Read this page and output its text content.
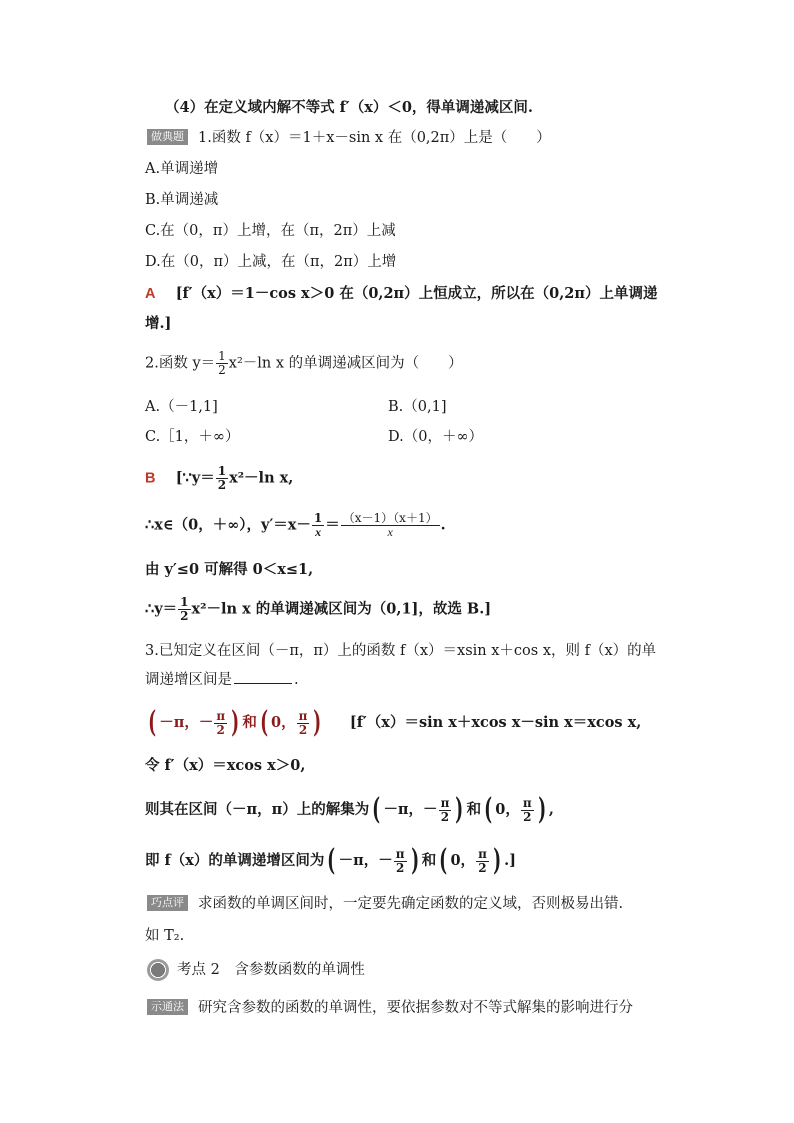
（4）在定义域内解不等式 f′（x）＜0，得单调递减区间.
做典题 1.函数 f（x）＝1＋x－sin x 在（0,2π）上是（　　）
A.单调递增
B.单调递减
C.在（0，π）上增，在（π，2π）上减
D.在（0，π）上减，在（π，2π）上增
A [f′（x）＝1－cos x＞0 在（0,2π）上恒成立，所以在（0,2π）上单调递
增.]
2.函数 $y= \frac{1}{2} x^2-\ln$ x 的单调递减区间为（　　）
A.（－1,1]	B.（0,1]
C.［1，＋∞）	D.（0，＋∞）
B [∵y＝ $\frac{1}{2} x^2-\ln$ x,
∴x∈（0，＋∞），$y'=x- \frac{1}{x} = \frac{(x-1)(x+1)}{x}$ .
由 y′≤0 可解得 0＜x≤1,
∴y＝ $\frac{1}{2} x^2-\ln$ x 的单调递减区间为（0,1]，故选 B.]
3.已知定义在区间（－π，π）上的函数 f（x）＝xsin x＋cos x，则 f（x）的单
调递增区间是	.
( －π，－ $\frac{\pi}{2}$ ) 和 ( 0， $\frac{\pi}{2}$ ) [f′（x）＝sin x＋xcos x－sin x＝xcos x,
令 f′（x）＝xcos x＞0,
则其在区间（－π，π）上的解集为 ( －π，－ $\frac{\pi}{2}$ ) 和 ( 0， $\frac{\pi}{2}$ ) ,
即 f（x）的单调递增区间为 ( －π，－ $\frac{\pi}{2}$ ) 和 ( 0， $\frac{\pi}{2}$ ) .]
巧点评 求函数的单调区间时，一定要先确定函数的定义域，否则极易出错.
如 T₂.
考点 2　含参数函数的单调性
示通法 研究含参数的函数的单调性，要依据参数对不等式解集的影响进行分
